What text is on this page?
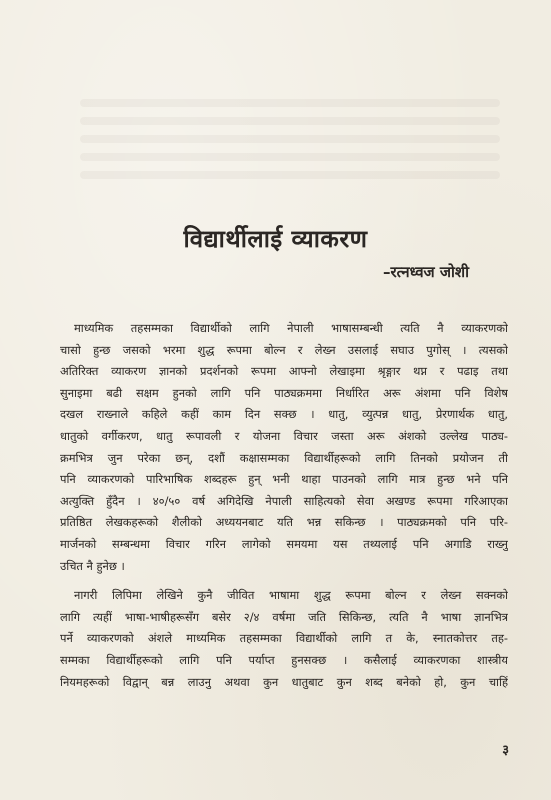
विद्यार्थीलाई व्याकरण
–रत्नध्वज जोशी
माध्यमिक तहसम्मका विद्यार्थीको लागि नेपाली भाषासम्बन्धी त्यति नै व्याकरणको
चासो हुन्छ जसको भरमा शुद्ध रूपमा बोल्न र लेख्न उसलाई सघाउ पुगोस् । त्यसको
अतिरिक्त व्याकरण ज्ञानको प्रदर्शनको रूपमा आफ्नो लेखाइमा श्रृङ्गार थप्न र पढाइ तथा
सुनाइमा बढी सक्षम हुनको लागि पनि पाठ्यक्रममा निर्धारित अरू अंशमा पनि विशेष
दखल राख्नाले कहिले कहीं काम दिन सक्छ । धातु, व्युत्पन्न धातु, प्रेरणार्थक धातु,
धातुको वर्गीकरण, धातु रूपावली र योजना विचार जस्ता अरू अंशको उल्लेख पाठ्य-
क्रमभित्र जुन परेका छन्, दशौं कक्षासम्मका विद्यार्थीहरूको लागि तिनको प्रयोजन ती
पनि व्याकरणको पारिभाषिक शब्दहरू हुन् भनी थाहा पाउनको लागि मात्र हुन्छ भने पनि
अत्युक्ति हुँदैन । ४०/५० वर्ष अगिदेखि नेपाली साहित्यको सेवा अखण्ड रूपमा गरिआएका
प्रतिष्ठित लेखकहरूको शैलीको अध्ययनबाट यति भन्न सकिन्छ । पाठ्यक्रमको पनि परि-
मार्जनको सम्बन्धमा विचार गरिन लागेको समयमा यस तथ्यलाई पनि अगाडि राख्नु
उचित नै हुनेछ ।
नागरी लिपिमा लेखिने कुनै जीवित भाषामा शुद्ध रूपमा बोल्न र लेख्न सक्नको
लागि त्यहीं भाषा-भाषीहरूसँग बसेर २/४ वर्षमा जति सिकिन्छ, त्यति नै भाषा ज्ञानभित्र
पर्ने व्याकरणको अंशले माध्यमिक तहसम्मका विद्यार्थीको लागि त के, स्नातकोत्तर तह-
सम्मका विद्यार्थीहरूको लागि पनि पर्याप्त हुनसक्छ । कसैलाई व्याकरणका शास्त्रीय
नियमहरूको विद्वान् बन्न लाउनु अथवा कुन धातुबाट कुन शब्द बनेको हो, कुन चाहिं
३
